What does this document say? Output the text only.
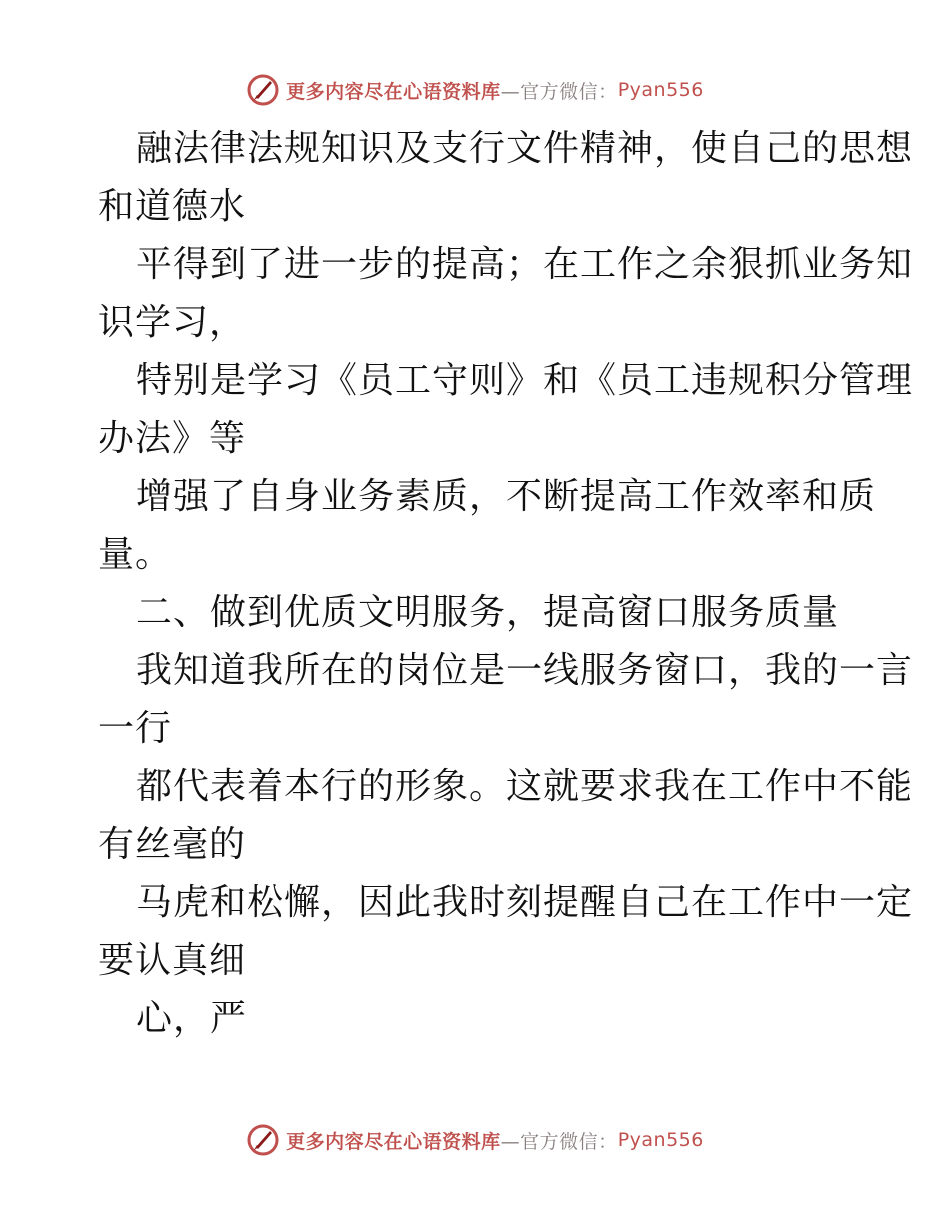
更多内容尽在心语资料库 —官方微信： Pyan556
融法律法规知识及支行文件精神，使自己的思想
和道德水
平得到了进一步的提高；在工作之余狠抓业务知
识学习，
特别是学习《员工守则》和《员工违规积分管理
办法》等
增强了自身业务素质，不断提高工作效率和质
量。
二、做到优质文明服务，提高窗口服务质量
我知道我所在的岗位是一线服务窗口，我的一言
一行
都代表着本行的形象。这就要求我在工作中不能
有丝毫的
马虎和松懈，因此我时刻提醒自己在工作中一定
要认真细
心，严
更多内容尽在心语资料库 —官方微信： Pyan556
